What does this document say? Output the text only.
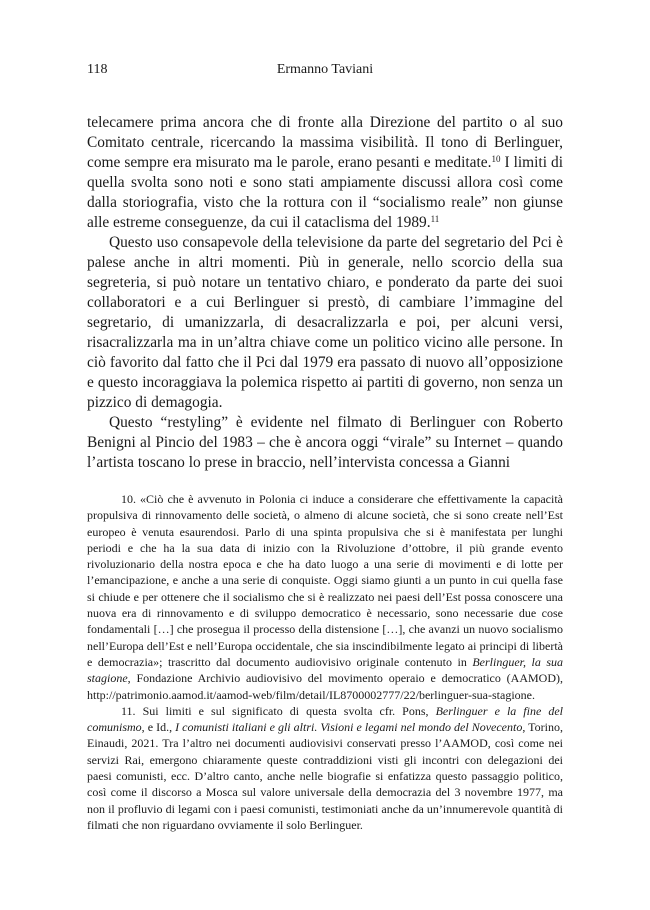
118	Ermanno Taviani

telecamere prima ancora che di fronte alla Direzione del partito o al suo Comitato centrale, ricercando la massima visibilità. Il tono di Berlinguer, come sempre era misurato ma le parole, erano pesanti e meditate.$^{10}$ I limiti di quella svolta sono noti e sono stati ampiamente discussi allora così come dalla storiografia, visto che la rottura con il “socialismo reale” non giunse alle estreme conseguenze, da cui il cataclisma del 1989.11

Questo uso consapevole della televisione da parte del segretario del Pci è palese anche in altri momenti. Più in generale, nello scorcio della sua segreteria, si può notare un tentativo chiaro, e ponderato da parte dei suoi collaboratori e a cui Berlinguer si prestò, di cambiare l’immagine del segretario, di umanizzarla, di desacralizzarla e poi, per alcuni versi, risacralizzarla ma in un’altra chiave come un politico vicino alle persone. In ciò favorito dal fatto che il Pci dal 1979 era passato di nuovo all’opposizione e questo incoraggiava la polemica rispetto ai partiti di governo, non senza un pizzico di demagogia.

Questo “restyling” è evidente nel filmato di Berlinguer con Roberto Benigni al Pincio del 1983 – che è ancora oggi “virale” su Internet – quando l’artista toscano lo prese in braccio, nell’intervista concessa a Gianni

10. «Ciò che è avvenuto in Polonia ci induce a considerare che effettivamente la capacità propulsiva di rinnovamento delle società, o almeno di alcune società, che si sono create nell’Est europeo è venuta esaurendosi. Parlo di una spinta propulsiva che si è manifestata per lunghi periodi e che ha la sua data di inizio con la Rivoluzione d’ottobre, il più grande evento rivoluzionario della nostra epoca e che ha dato luogo a una serie di movimenti e di lotte per l’emancipazione, e anche a una serie di conquiste. Oggi siamo giunti a un punto in cui quella fase si chiude e per ottenere che il socialismo che si è realizzato nei paesi dell’Est possa conoscere una nuova era di rinnovamento e di sviluppo democratico è necessario, sono necessarie due cose fondamentali […] che prosegua il processo della distensione […], che avanzi un nuovo socialismo nell’Europa dell’Est e nell’Europa occidentale, che sia inscindibilmente legato ai principi di libertà e democrazia»; trascritto dal documento audiovisivo originale contenuto in Berlinguer, la sua stagione, Fondazione Archivio audiovisivo del movimento operaio e democratico (AAMOD), http://patrimonio.aamod.it/aamod-web/film/detail/IL8700002777/22/berlinguer-sua-stagione.

11. Sui limiti e sul significato di questa svolta cfr. Pons, Berlinguer e la fine del comunismo, e Id., I comunisti italiani e gli altri. Visioni e legami nel mondo del Novecento, Torino, Einaudi, 2021. Tra l’altro nei documenti audiovisivi conservati presso l’AAMOD, così come nei servizi Rai, emergono chiaramente queste contraddizioni visti gli incontri con delegazioni dei paesi comunisti, ecc. D’altro canto, anche nelle biografie si enfatizza questo passaggio politico, così come il discorso a Mosca sul valore universale della democrazia del 3 novembre 1977, ma non il profluvio di legami con i paesi comunisti, testimoniati anche da un’innumerevole quantità di filmati che non riguardano ovviamente il solo Berlinguer.
